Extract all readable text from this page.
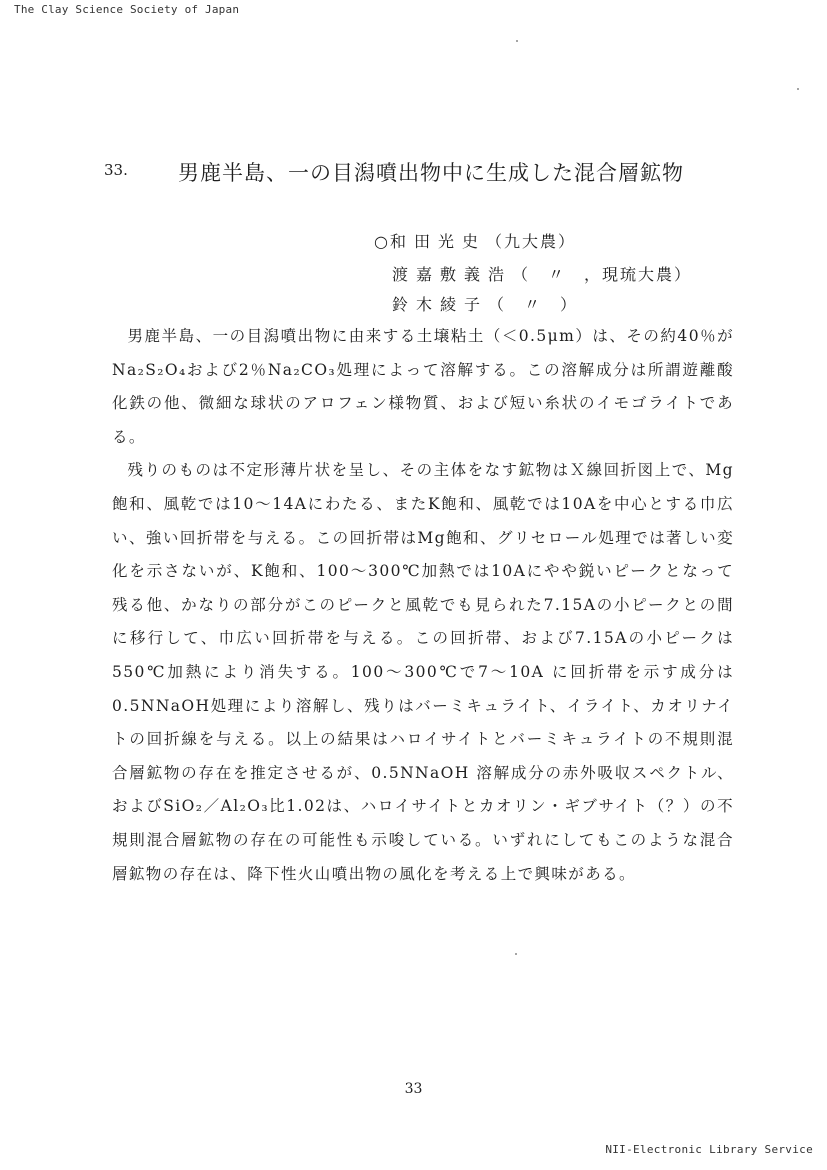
The Clay Science Society of Japan
33. 男鹿半島、一の目潟噴出物中に生成した混合層鉱物
○和田光史（九大農）
渡嘉敷義浩（　〃　，現琉大農）
鈴木綾子（　〃　）

男鹿半島、一の目潟噴出物に由来する土壌粘土（＜0.5μm）は、その約40％がNa₂S₂O₄および2％Na₂CO₃処理によって溶解する。この溶解成分は所謂遊離酸化鉄の他、微細な球状のアロフェン様物質、および短い糸状のイモゴライトである。

残りのものは不定形薄片状を呈し、その主体をなす鉱物はＸ線回折図上で、Mg飽和、風乾では10〜14Aにわたる、またK飽和、風乾では10Aを中心とする巾広い、強い回折帯を与える。この回折帯はMg飽和、グリセロール処理では著しい変化を示さないが、K飽和、100〜300℃加熱では10Aにやや鋭いピークとなって残る他、かなりの部分がこのピークと風乾でも見られた7.15Aの小ピークとの間に移行して、巾広い回折帯を与える。この回折帯、および7.15Aの小ピークは550℃加熱により消失する。100〜300℃で7〜10A に回折帯を示す成分は0.5NNaOH処理により溶解し、残りはバーミキュライト、イライト、カオリナイトの回折線を与える。以上の結果はハロイサイトとバーミキュライトの不規則混合層鉱物の存在を推定させるが、0.5NNaOH 溶解成分の赤外吸収スペクトル、およびSiO₂／Al₂O₃比1.02は、ハロイサイトとカオリン・ギブサイト（？）の不規則混合層鉱物の存在の可能性も示唆している。いずれにしてもこのような混合層鉱物の存在は、降下性火山噴出物の風化を考える上で興味がある。

33
NII-Electronic Library Service
